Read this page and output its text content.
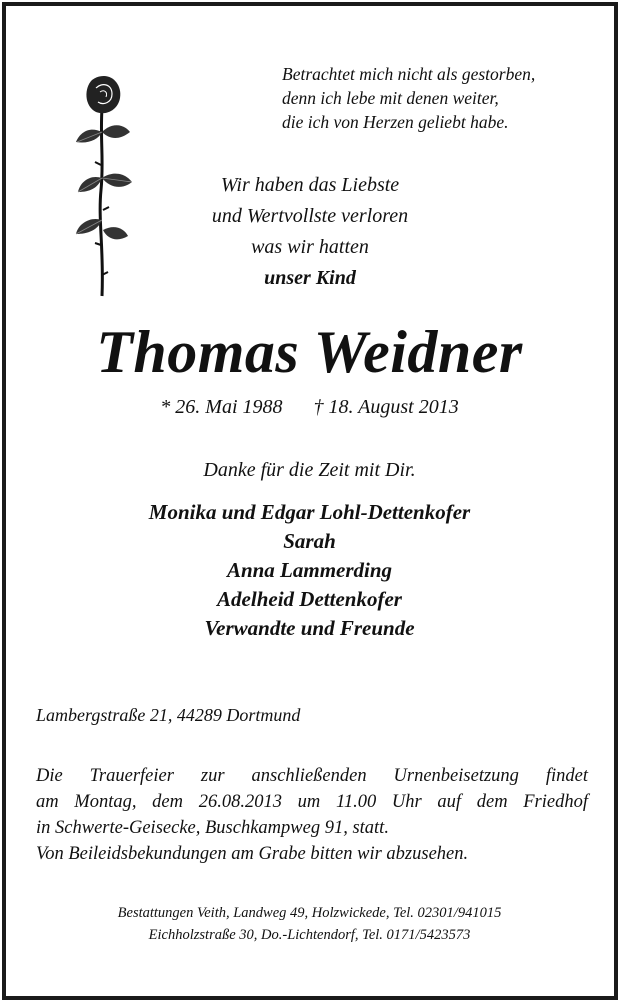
Betrachtet mich nicht als gestorben,
denn ich lebe mit denen weiter,
die ich von Herzen geliebt habe.
Wir haben das Liebste
und Wertvollste verloren
was wir hatten
unser Kind
Thomas Weidner
* 26. Mai 1988 † 18. August 2013
Danke für die Zeit mit Dir.
Monika und Edgar Lohl-Dettenkofer
Sarah
Anna Lammerding
Adelheid Dettenkofer
Verwandte und Freunde
Lambergstraße 21, 44289 Dortmund
Die Trauerfeier zur anschließenden Urnenbeisetzung findet
am Montag, dem 26.08.2013 um 11.00 Uhr auf dem Friedhof
in Schwerte-Geisecke, Buschkampweg 91, statt.
Von Beileidsbekundungen am Grabe bitten wir abzusehen.
Bestattungen Veith, Landweg 49, Holzwickede, Tel. 02301/941015
Eichholzstraße 30, Do.-Lichtendorf, Tel. 0171/5423573
